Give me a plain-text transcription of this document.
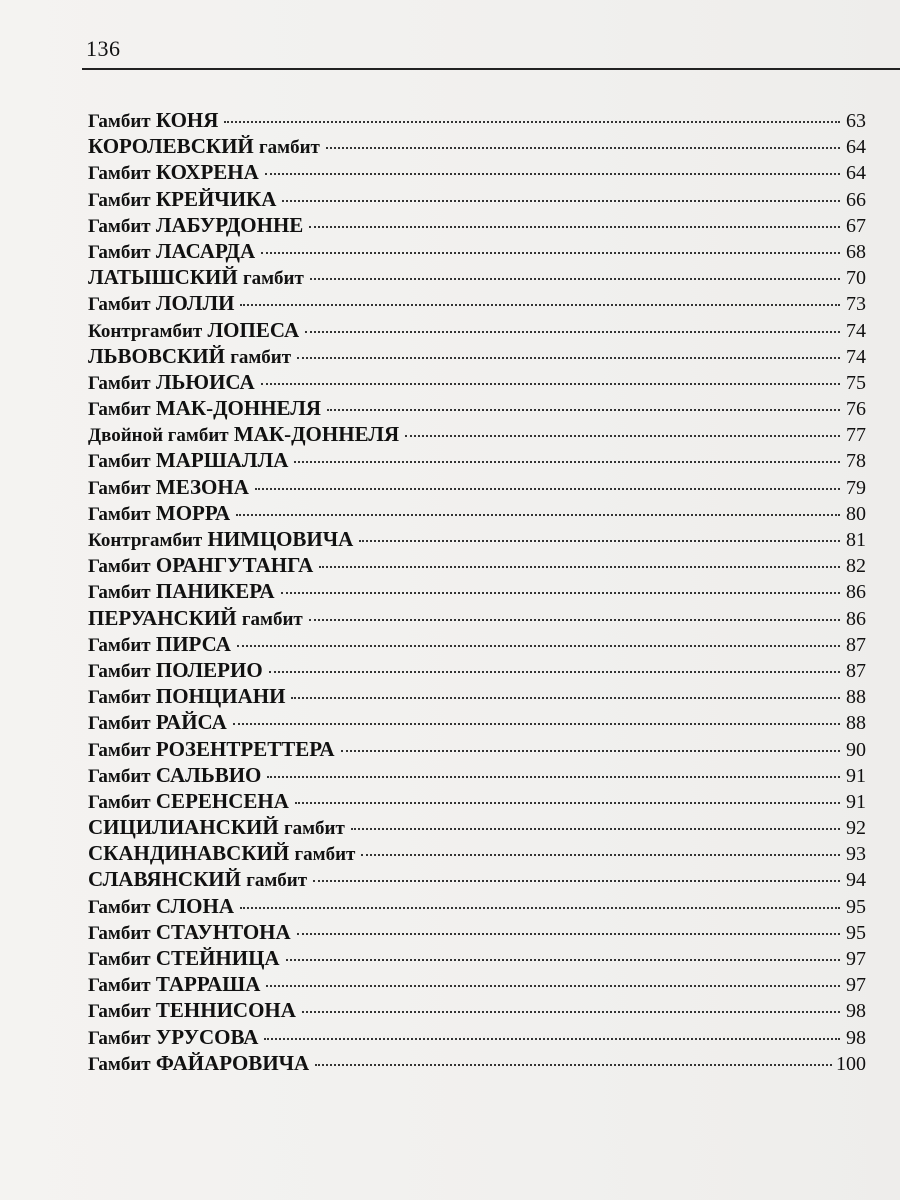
136
Гамбит КОНЯ	63
КОРОЛЕВСКИЙ гамбит	64
Гамбит КОХРЕНА	64
Гамбит КРЕЙЧИКА	66
Гамбит ЛАБУРДОННЕ	67
Гамбит ЛАСАРДА	68
ЛАТЫШСКИЙ гамбит	70
Гамбит ЛОЛЛИ	73
Контргамбит ЛОПЕСА	74
ЛЬВОВСКИЙ гамбит	74
Гамбит ЛЬЮИСА	75
Гамбит МАК-ДОННЕЛЯ	76
Двойной гамбит МАК-ДОННЕЛЯ	77
Гамбит МАРШАЛЛА	78
Гамбит МЕЗОНА	79
Гамбит МОРРА	80
Контргамбит НИМЦОВИЧА	81
Гамбит ОРАНГУТАНГА	82
Гамбит ПАНИКЕРА	86
ПЕРУАНСКИЙ гамбит	86
Гамбит ПИРСА	87
Гамбит ПОЛЕРИО	87
Гамбит ПОНЦИАНИ	88
Гамбит РАЙСА	88
Гамбит РОЗЕНТРЕТТЕРА	90
Гамбит САЛЬВИО	91
Гамбит СЕРЕНСЕНА	91
СИЦИЛИАНСКИЙ гамбит	92
СКАНДИНАВСКИЙ гамбит	93
СЛАВЯНСКИЙ гамбит	94
Гамбит СЛОНА	95
Гамбит СТАУНТОНА	95
Гамбит СТЕЙНИЦА	97
Гамбит ТАРРАША	97
Гамбит ТЕННИСОНА	98
Гамбит УРУСОВА	98
Гамбит ФАЙАРОВИЧА	100
